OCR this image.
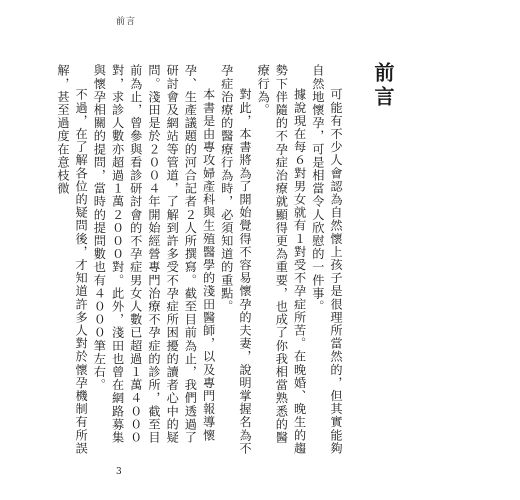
前言
前言

可能有不少人會認為自然懷上孩子是很理所當然的，但其實能夠自然地懷孕，可是相當令人欣慰的一件事。

據說現在每６對男女就有１對受不孕症所苦。在晚婚、晚生的趨勢下伴隨的不孕症治療就顯得更為重要，也成了你我相當熟悉的醫療行為。

對此，本書將為了開始覺得不容易懷孕的夫妻，說明掌握名為不孕症治療的醫療行為時，必須知道的重點。

本書是由專攻婦產科與生殖醫學的淺田醫師，以及專門報導懷孕、生產議題的河合記者２人所撰寫。截至目前為止，我們透過了研討會及網站等管道，了解到許多受不孕症所困擾的讀者心中的疑問。淺田是於２００４年開始經營專門治療不孕症的診所，截至目前為止，曾參與看診研討會的不孕症男女人數已超過１萬４０００對，求診人數亦超過１萬２０００對。此外，淺田也曾在網路募集與懷孕相關的提問，當時的提問數也有４０００筆左右。

不過，在了解各位的疑問後，才知道許多人對於懷孕機制有所誤解，甚至過度在意枝微

3
